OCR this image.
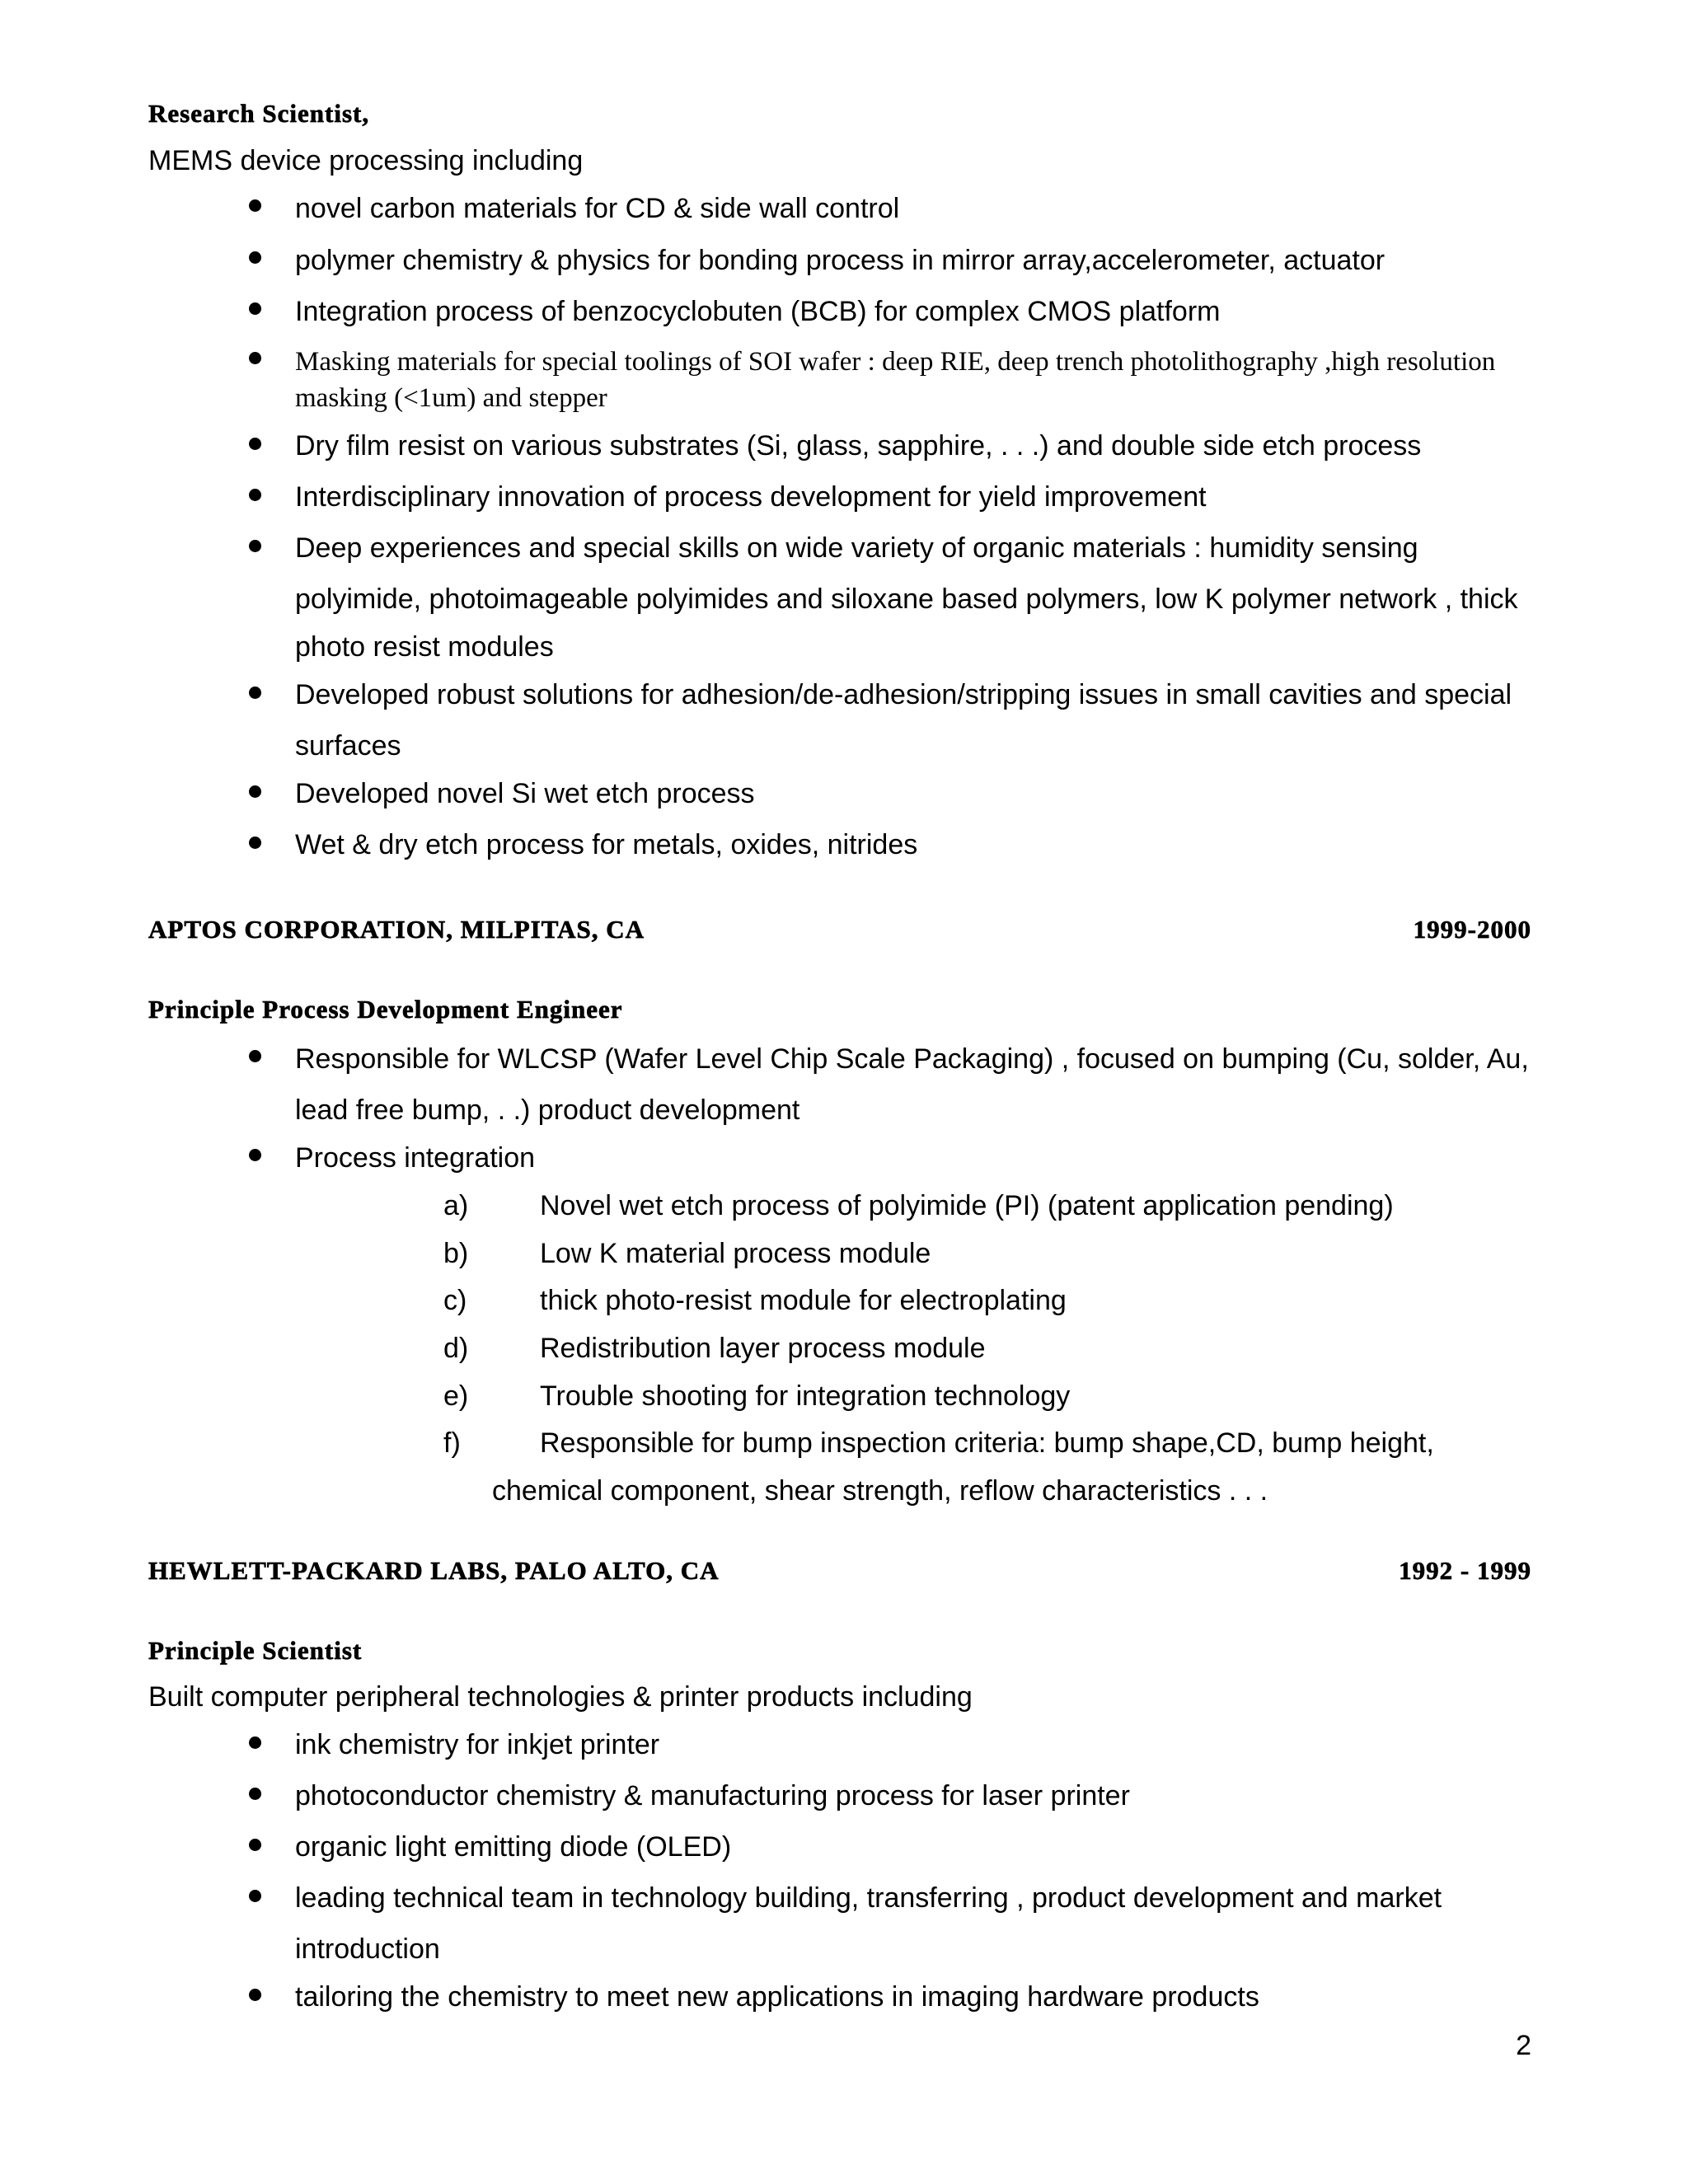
Research Scientist,
MEMS device processing including
novel carbon materials for CD & side wall control
polymer chemistry & physics for bonding process in mirror array,accelerometer, actuator
Integration process of benzocyclobuten (BCB) for complex CMOS platform
Masking materials for special toolings of SOI wafer : deep RIE, deep trench photolithography ,high resolution
masking (<1um) and stepper
Dry film resist on various substrates (Si, glass, sapphire, . . .) and double side etch process
Interdisciplinary innovation of process development for yield improvement
Deep experiences and special skills on wide variety of organic materials : humidity sensing
polyimide, photoimageable polyimides and siloxane based polymers, low K polymer network , thick
photo resist modules
Developed robust solutions for adhesion/de-adhesion/stripping issues in small cavities and special
surfaces
Developed novel Si wet etch process
Wet & dry etch process for metals, oxides, nitrides
APTOS CORPORATION, MILPITAS, CA	1999-2000
Principle Process Development Engineer
Responsible for WLCSP (Wafer Level Chip Scale Packaging) , focused on bumping (Cu, solder, Au,
lead free bump, . .) product development
Process integration
a)	Novel wet etch process of polyimide (PI) (patent application pending)
b)	Low K material process module
c)	thick photo-resist module for electroplating
d)	Redistribution layer process module
e)	Trouble shooting for integration technology
f)	Responsible for bump inspection criteria: bump shape,CD, bump height,
chemical component, shear strength, reflow characteristics . . .
HEWLETT-PACKARD LABS, PALO ALTO, CA	1992 - 1999
Principle Scientist
Built computer peripheral technologies & printer products including
ink chemistry for inkjet printer
photoconductor chemistry & manufacturing process for laser printer
organic light emitting diode (OLED)
leading technical team in technology building, transferring , product development and market
introduction
tailoring the chemistry to meet new applications in imaging hardware products
2
